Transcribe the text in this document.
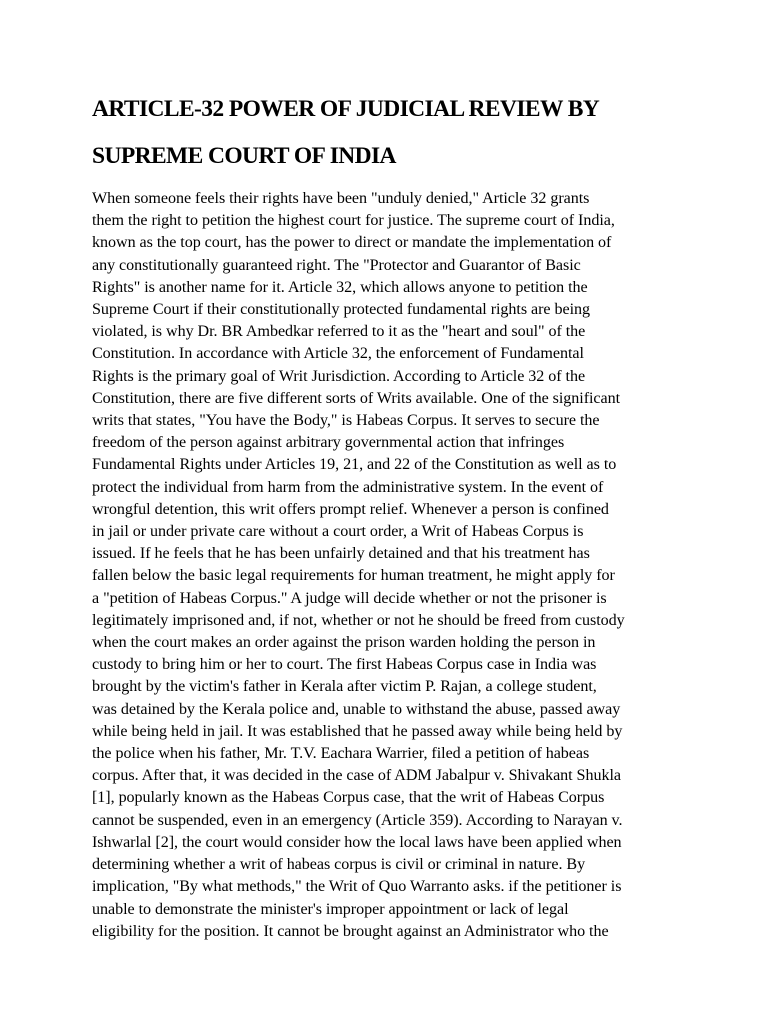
ARTICLE-32 POWER OF JUDICIAL REVIEW BY
SUPREME COURT OF INDIA
When someone feels their rights have been "unduly denied," Article 32 grants
them the right to petition the highest court for justice. The supreme court of India,
known as the top court, has the power to direct or mandate the implementation of
any constitutionally guaranteed right. The "Protector and Guarantor of Basic
Rights" is another name for it. Article 32, which allows anyone to petition the
Supreme Court if their constitutionally protected fundamental rights are being
violated, is why Dr. BR Ambedkar referred to it as the "heart and soul" of the
Constitution. In accordance with Article 32, the enforcement of Fundamental
Rights is the primary goal of Writ Jurisdiction. According to Article 32 of the
Constitution, there are five different sorts of Writs available. One of the significant
writs that states, "You have the Body," is Habeas Corpus. It serves to secure the
freedom of the person against arbitrary governmental action that infringes
Fundamental Rights under Articles 19, 21, and 22 of the Constitution as well as to
protect the individual from harm from the administrative system. In the event of
wrongful detention, this writ offers prompt relief. Whenever a person is confined
in jail or under private care without a court order, a Writ of Habeas Corpus is
issued. If he feels that he has been unfairly detained and that his treatment has
fallen below the basic legal requirements for human treatment, he might apply for
a "petition of Habeas Corpus." A judge will decide whether or not the prisoner is
legitimately imprisoned and, if not, whether or not he should be freed from custody
when the court makes an order against the prison warden holding the person in
custody to bring him or her to court. The first Habeas Corpus case in India was
brought by the victim's father in Kerala after victim P. Rajan, a college student,
was detained by the Kerala police and, unable to withstand the abuse, passed away
while being held in jail. It was established that he passed away while being held by
the police when his father, Mr. T.V. Eachara Warrier, filed a petition of habeas
corpus. After that, it was decided in the case of ADM Jabalpur v. Shivakant Shukla
[1], popularly known as the Habeas Corpus case, that the writ of Habeas Corpus
cannot be suspended, even in an emergency (Article 359). According to Narayan v.
Ishwarlal [2], the court would consider how the local laws have been applied when
determining whether a writ of habeas corpus is civil or criminal in nature. By
implication, "By what methods," the Writ of Quo Warranto asks. if the petitioner is
unable to demonstrate the minister's improper appointment or lack of legal
eligibility for the position. It cannot be brought against an Administrator who the
